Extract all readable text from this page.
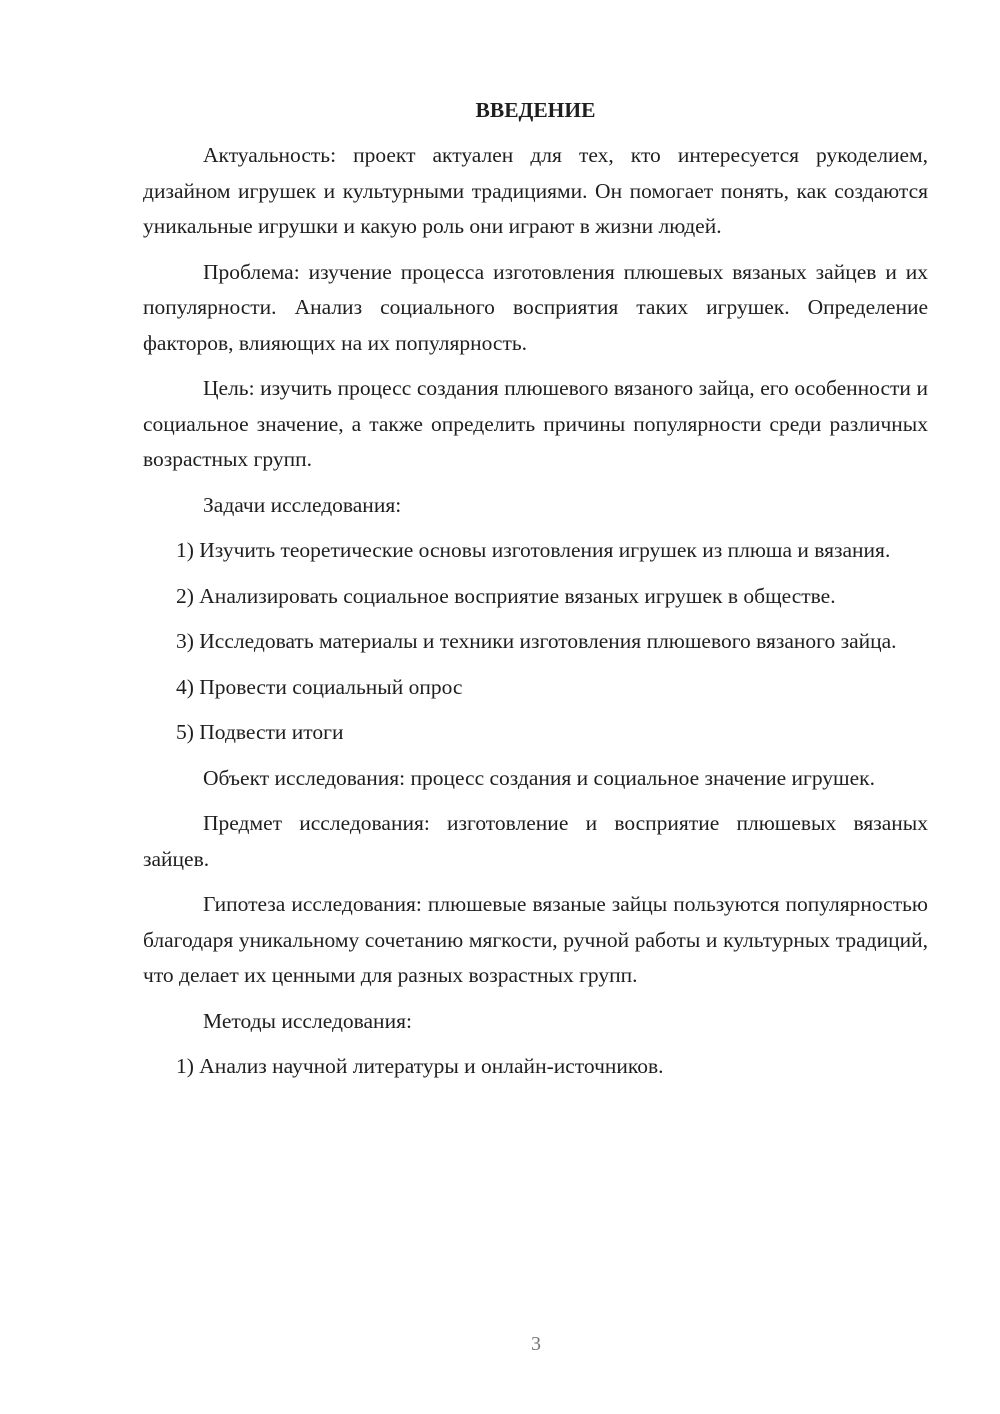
ВВЕДЕНИЕ

Актуальность: проект актуален для тех, кто интересуется рукоделием, дизайном игрушек и культурными традициями. Он помогает понять, как создаются уникальные игрушки и какую роль они играют в жизни людей.

Проблема: изучение процесса изготовления плюшевых вязаных зайцев и их популярности. Анализ социального восприятия таких игрушек. Определение факторов, влияющих на их популярность.

Цель: изучить процесс создания плюшевого вязаного зайца, его особенности и социальное значение, а также определить причины популярности среди различных возрастных групп.

Задачи исследования:

1) Изучить теоретические основы изготовления игрушек из плюша и вязания.

2) Анализировать социальное восприятие вязаных игрушек в обществе.

3) Исследовать материалы и техники изготовления плюшевого вязаного зайца.

4) Провести социальный опрос

5) Подвести итоги

Объект исследования: процесс создания и социальное значение игрушек.

Предмет исследования: изготовление и восприятие плюшевых вязаных зайцев.

Гипотеза исследования: плюшевые вязаные зайцы пользуются популярностью благодаря уникальному сочетанию мягкости, ручной работы и культурных традиций, что делает их ценными для разных возрастных групп.

Методы исследования:

1) Анализ научной литературы и онлайн-источников.

3
